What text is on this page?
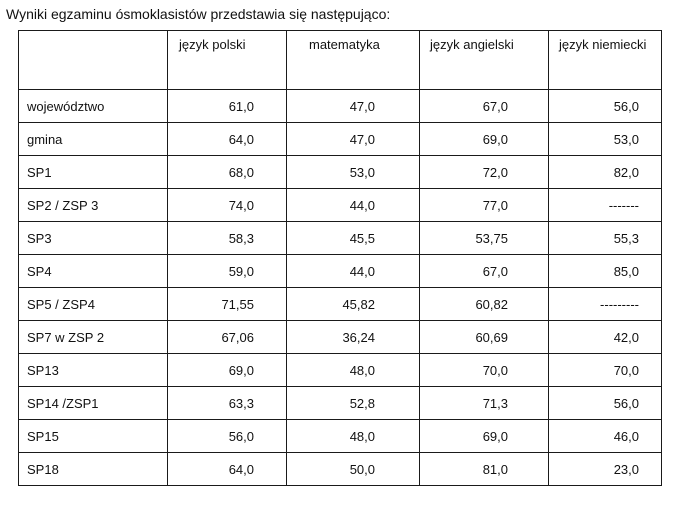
Wyniki egzaminu ósmoklasistów przedstawia się następująco:
	język polski	matematyka	język angielski	język niemiecki
województwo	61,0	47,0	67,0	56,0
gmina	64,0	47,0	69,0	53,0
SP1	68,0	53,0	72,0	82,0
SP2 / ZSP 3	74,0	44,0	77,0	-------
SP3	58,3	45,5	53,75	55,3
SP4	59,0	44,0	67,0	85,0
SP5 / ZSP4	71,55	45,82	60,82	---------
SP7 w ZSP 2	67,06	36,24	60,69	42,0
SP13	69,0	48,0	70,0	70,0
SP14 /ZSP1	63,3	52,8	71,3	56,0
SP15	56,0	48,0	69,0	46,0
SP18	64,0	50,0	81,0	23,0
